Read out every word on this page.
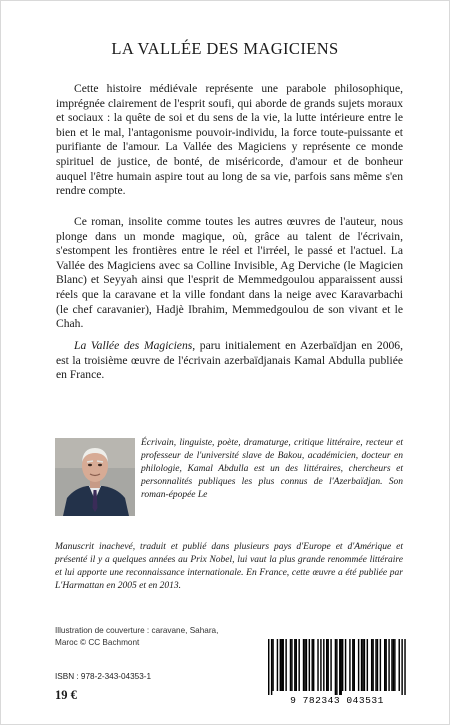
LA VALLÉE DES MAGICIENS

Cette histoire médiévale représente une parabole philosophique, imprégnée clairement de l'esprit soufi, qui aborde de grands sujets moraux et sociaux : la quête de soi et du sens de la vie, la lutte intérieure entre le bien et le mal, l'antagonisme pouvoir-individu, la force toute-puissante et purifiante de l'amour. La Vallée des Magiciens y représente ce monde spirituel de justice, de bonté, de miséricorde, d'amour et de bonheur auquel l'être humain aspire tout au long de sa vie, parfois sans même s'en rendre compte.

Ce roman, insolite comme toutes les autres œuvres de l'auteur, nous plonge dans un monde magique, où, grâce au talent de l'écrivain, s'estompent les frontières entre le réel et l'irréel, le passé et l'actuel. La Vallée des Magiciens avec sa Colline Invisible, Ag Derviche (le Magicien Blanc) et Seyyah ainsi que l'esprit de Memmedgoulou apparaissent aussi réels que la caravane et la ville fondant dans la neige avec Karavarbachi (le chef caravanier), Hadjè Ibrahim, Memmedgoulou de son vivant et le Chah.

La Vallée des Magiciens, paru initialement en Azerbaïdjan en 2006, est la troisième œuvre de l'écrivain azerbaïdjanais Kamal Abdulla publiée en France.

Écrivain, linguiste, poète, dramaturge, critique littéraire, recteur et professeur de l'université slave de Bakou, académicien, docteur en philologie, Kamal Abdulla est un des littéraires, chercheurs et personnalités publiques les plus connus de l'Azerbaïdjan. Son roman-épopée Le

Manuscrit inachevé, traduit et publié dans plusieurs pays d'Europe et d'Amérique et présenté il y a quelques années au Prix Nobel, lui vaut la plus grande renommée littéraire et lui apporte une reconnaissance internationale. En France, cette œuvre a été publiée par L'Harmattan en 2005 et en 2013.

Illustration de couverture : caravane, Sahara, Maroc © CC Bachmont
ISBN : 978-2-343-04353-1
19 €	9 782343 043531
